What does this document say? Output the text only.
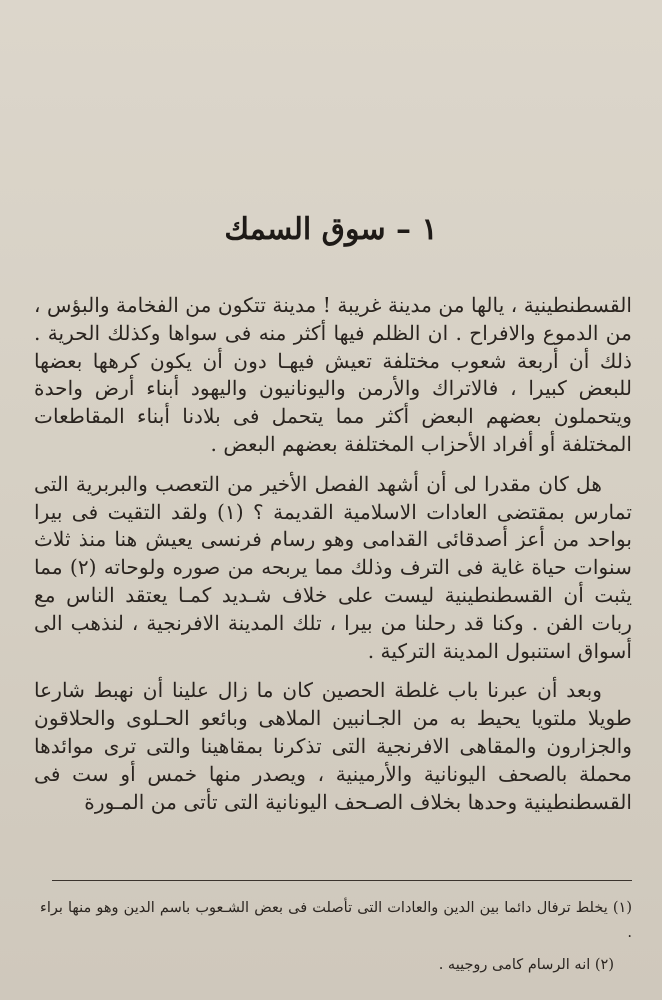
١ – سوق السمك

القسطنطينية ، يالها من مدينة غريبة ! مدينة تتكون من الفخامة والبؤس ، من الدموع والافراح . ان الظلم فيها أكثر منه فى سواها وكذلك الحرية . ذلك أن أربعة شعوب مختلفة تعيش فيهـا دون أن يكون كرهها بعضها للبعض كبيرا ، فالاتراك والأرمن واليونانيون واليهود أبناء أرض واحدة ويتحملون بعضهم البعض أكثر مما يتحمل فى بلادنا أبناء المقاطعات المختلفة أو أفراد الأحزاب المختلفة بعضهم البعض .

هل كان مقدرا لى أن أشهد الفصل الأخير من التعصب والبربرية التى تمارس بمقتضى العادات الاسلامية القديمة ؟ (١) ولقد التقيت فى بيرا بواحد من أعز أصدقائى القدامى وهو رسام فرنسى يعيش هنا منذ ثلاث سنوات حياة غاية فى الترف وذلك مما يربحه من صوره ولوحاته (٢) مما يثبت أن القسطنطينية ليست على خلاف شـديد كمـا يعتقد الناس مع ربات الفن . وكنا قد رحلنا من بيرا ، تلك المدينة الافرنجية ، لنذهب الى أسواق استنبول المدينة التركية .

وبعد أن عبرنا باب غلطة الحصين كان ما زال علينا أن نهبط شارعا طويلا ملتويا يحيط به من الجـانبين الملاهى وبائعو الحـلوى والحلاقون والجزارون والمقاهى الافرنجية التى تذكرنا بمقاهينا والتى ترى موائدها محملة بالصحف اليونانية والأرمينية ، ويصدر منها خمس أو ست فى القسطنطينية وحدها بخلاف الصـحف اليونانية التى تأتى من المـورة

(١) يخلط ترفال دائما بين الدين والعادات التى تأصلت فى بعض الشـعوب باسم الدين وهو منها براء .

(٢) انه الرسام كامى روجييه .
